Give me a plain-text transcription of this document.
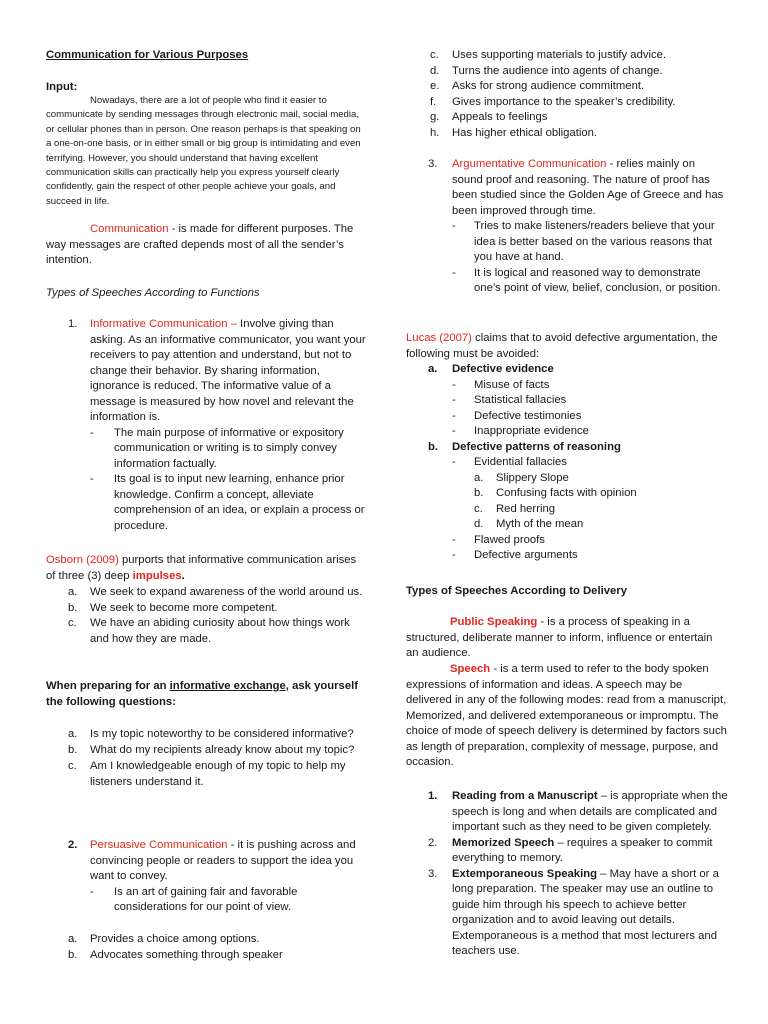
Communication for Various Purposes

Input:

Nowadays, there are a lot of people who find it easier to communicate by sending messages through electronic mail, social media, or cellular phones than in person. One reason perhaps is that speaking on a one-on-one basis, or in either small or big group is intimidating and even terrifying. However, you should understand that having excellent communication skills can practically help you express yourself clearly confidently, gain the respect of other people achieve your goals, and succeed in life.

Communication - is made for different purposes. The way messages are crafted depends most of all the sender’s intention.

Types of Speeches According to Functions

1.	Informative Communication – Involve giving than asking. As an informative communicator, you want your receivers to pay attention and understand, but not to change their behavior. By sharing information, ignorance is reduced. The informative value of a message is measured by how novel and relevant the information is.

-	The main purpose of informative or expository communication or writing is to simply convey information factually.

-	Its goal is to input new learning, enhance prior knowledge. Confirm a concept, alleviate comprehension of an idea, or explain a process or procedure.

Osborn (2009) purports that informative communication arises of three (3) deep impulses.

a.	We seek to expand awareness of the world around us.

b.	We seek to become more competent.

c.	We have an abiding curiosity about how things work and how they are made.

When preparing for an informative exchange, ask yourself the following questions:

a.	Is my topic noteworthy to be considered informative?

b.	What do my recipients already know about my topic?

c.	Am I knowledgeable enough of my topic to help my listeners understand it.

2.	Persuasive Communication - it is pushing across and convincing people or readers to support the idea you want to convey.

-	Is an art of gaining fair and favorable considerations for our point of view.

a.	Provides a choice among options.

b.	Advocates something through speaker

c.	Uses supporting materials to justify advice.

d.	Turns the audience into agents of change.

e.	Asks for strong audience commitment.

f.	Gives importance to the speaker’s credibility.

g.	Appeals to feelings

h.	Has higher ethical obligation.

3.	Argumentative Communication - relies mainly on sound proof and reasoning. The nature of proof has been studied since the Golden Age of Greece and has been improved through time.

-	Tries to make listeners/readers believe that your idea is better based on the various reasons that you have at hand.

-	It is logical and reasoned way to demonstrate one’s point of view, belief, conclusion, or position.

Lucas (2007) claims that to avoid defective argumentation, the following must be avoided:

a.	Defective evidence

-	Misuse of facts

-	Statistical fallacies

-	Defective testimonies

-	Inappropriate evidence

b.	Defective patterns of reasoning

-	Evidential fallacies

a.	Slippery Slope

b.	Confusing facts with opinion

c.	Red herring

d.	Myth of the mean

-	Flawed proofs

-	Defective arguments

Types of Speeches According to Delivery

Public Speaking - is a process of speaking in a structured, deliberate manner to inform, influence or entertain an audience.

Speech - is a term used to refer to the body spoken expressions of information and ideas. A speech may be delivered in any of the following modes: read from a manuscript, Memorized, and delivered extemporaneous or impromptu. The choice of mode of speech delivery is determined by factors such as length of preparation, complexity of message, purpose, and occasion.

1.	Reading from a Manuscript – is appropriate when the speech is long and when details are complicated and important such as they need to be given completely.

2.	Memorized Speech – requires a speaker to commit everything to memory.

3.	Extemporaneous Speaking – May have a short or a long preparation. The speaker may use an outline to guide him through his speech to achieve better organization and to avoid leaving out details. Extemporaneous is a method that most lecturers and teachers use.
